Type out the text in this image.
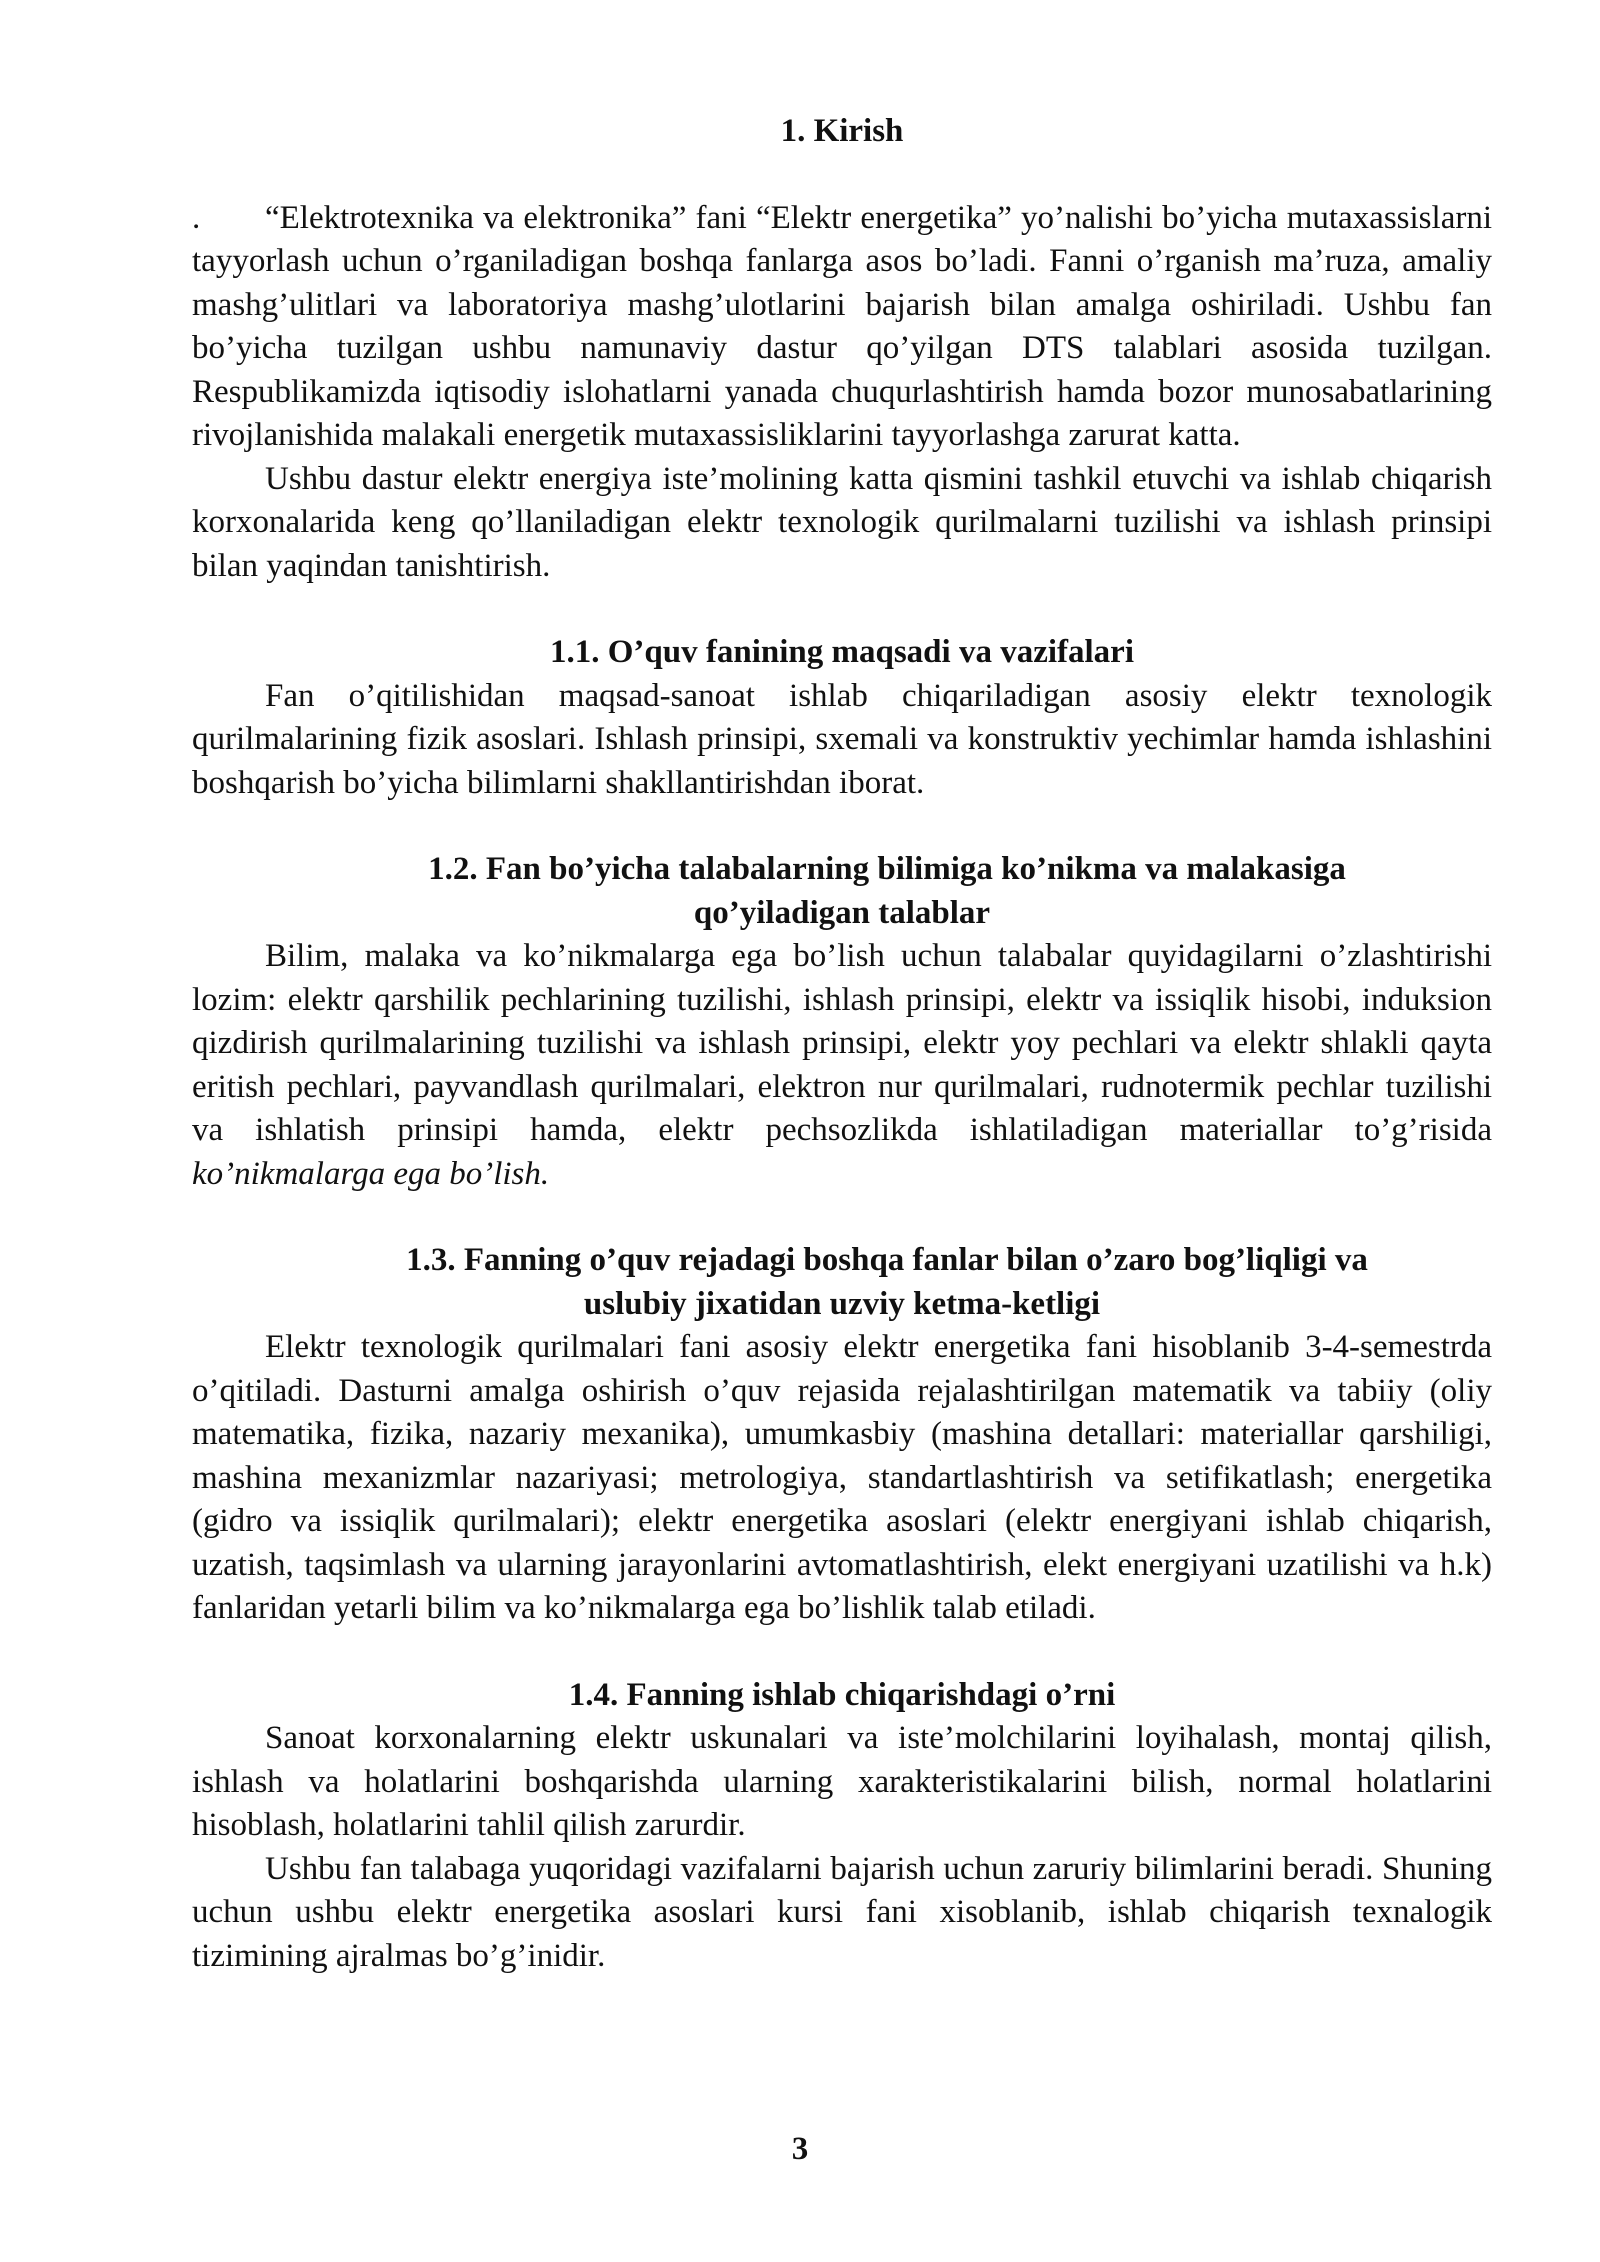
1. Kirish

. “Elektrotexnika va elektronika” fani “Elektr energetika” yo’nalishi bo’yicha mutaxassislarni tayyorlash uchun o’rganiladigan boshqa fanlarga asos bo’ladi. Fanni o’rganish ma’ruza, amaliy mashg’ulitlari va laboratoriya mashg’ulotlarini bajarish bilan amalga oshiriladi. Ushbu fan bo’yicha tuzilgan ushbu namunaviy dastur qo’yilgan DTS talablari asosida tuzilgan. Respublikamizda iqtisodiy islohatlarni yanada chuqurlashtirish hamda bozor munosabatlarining rivojlanishida malakali energetik mutaxassisliklarini tayyorlashga zarurat katta.

Ushbu dastur elektr energiya iste’molining katta qismini tashkil etuvchi va ishlab chiqarish korxonalarida keng qo’llaniladigan elektr texnologik qurilmalarni tuzilishi va ishlash prinsipi bilan yaqindan tanishtirish.

1.1. O’quv fanining maqsadi va vazifalari

Fan o’qitilishidan maqsad-sanoat ishlab chiqariladigan asosiy elektr texnologik qurilmalarining fizik asoslari. Ishlash prinsipi, sxemali va konstruktiv yechimlar hamda ishlashini boshqarish bo’yicha bilimlarni shakllantirishdan iborat.

1.2. Fan bo’yicha talabalarning bilimiga ko’nikma va malakasiga
qo’yiladigan talablar

Bilim, malaka va ko’nikmalarga ega bo’lish uchun talabalar quyidagilarni o’zlashtirishi lozim: elektr qarshilik pechlarining tuzilishi, ishlash prinsipi, elektr va issiqlik hisobi, induksion qizdirish qurilmalarining tuzilishi va ishlash prinsipi, elektr yoy pechlari va elektr shlakli qayta eritish pechlari, payvandlash qurilmalari, elektron nur qurilmalari, rudnotermik pechlar tuzilishi va ishlatish prinsipi hamda, elektr pechsozlikda ishlatiladigan materiallar to’g’risida ko’nikmalarga ega bo’lish.

1.3. Fanning o’quv rejadagi boshqa fanlar bilan o’zaro bog’liqligi va
uslubiy jixatidan uzviy ketma-ketligi

Elektr texnologik qurilmalari fani asosiy elektr energetika fani hisoblanib 3-4-semestrda o’qitiladi. Dasturni amalga oshirish o’quv rejasida rejalashtirilgan matematik va tabiiy (oliy matematika, fizika, nazariy mexanika), umumkasbiy (mashina detallari: materiallar qarshiligi, mashina mexanizmlar nazariyasi; metrologiya, standartlashtirish va setifikatlash; energetika (gidro va issiqlik qurilmalari); elektr energetika asoslari (elektr energiyani ishlab chiqarish, uzatish, taqsimlash va ularning jarayonlarini avtomatlashtirish, elekt energiyani uzatilishi va h.k) fanlaridan yetarli bilim va ko’nikmalarga ega bo’lishlik talab etiladi.

1.4. Fanning ishlab chiqarishdagi o’rni

Sanoat korxonalarning elektr uskunalari va iste’molchilarini loyihalash, montaj qilish, ishlash va holatlarini boshqarishda ularning xarakteristikalarini bilish, normal holatlarini hisoblash, holatlarini tahlil qilish zarurdir.

Ushbu fan talabaga yuqoridagi vazifalarni bajarish uchun zaruriy bilimlarini beradi. Shuning uchun ushbu elektr energetika asoslari kursi fani xisoblanib, ishlab chiqarish texnalogik tizimining ajralmas bo’g’inidir.

3
